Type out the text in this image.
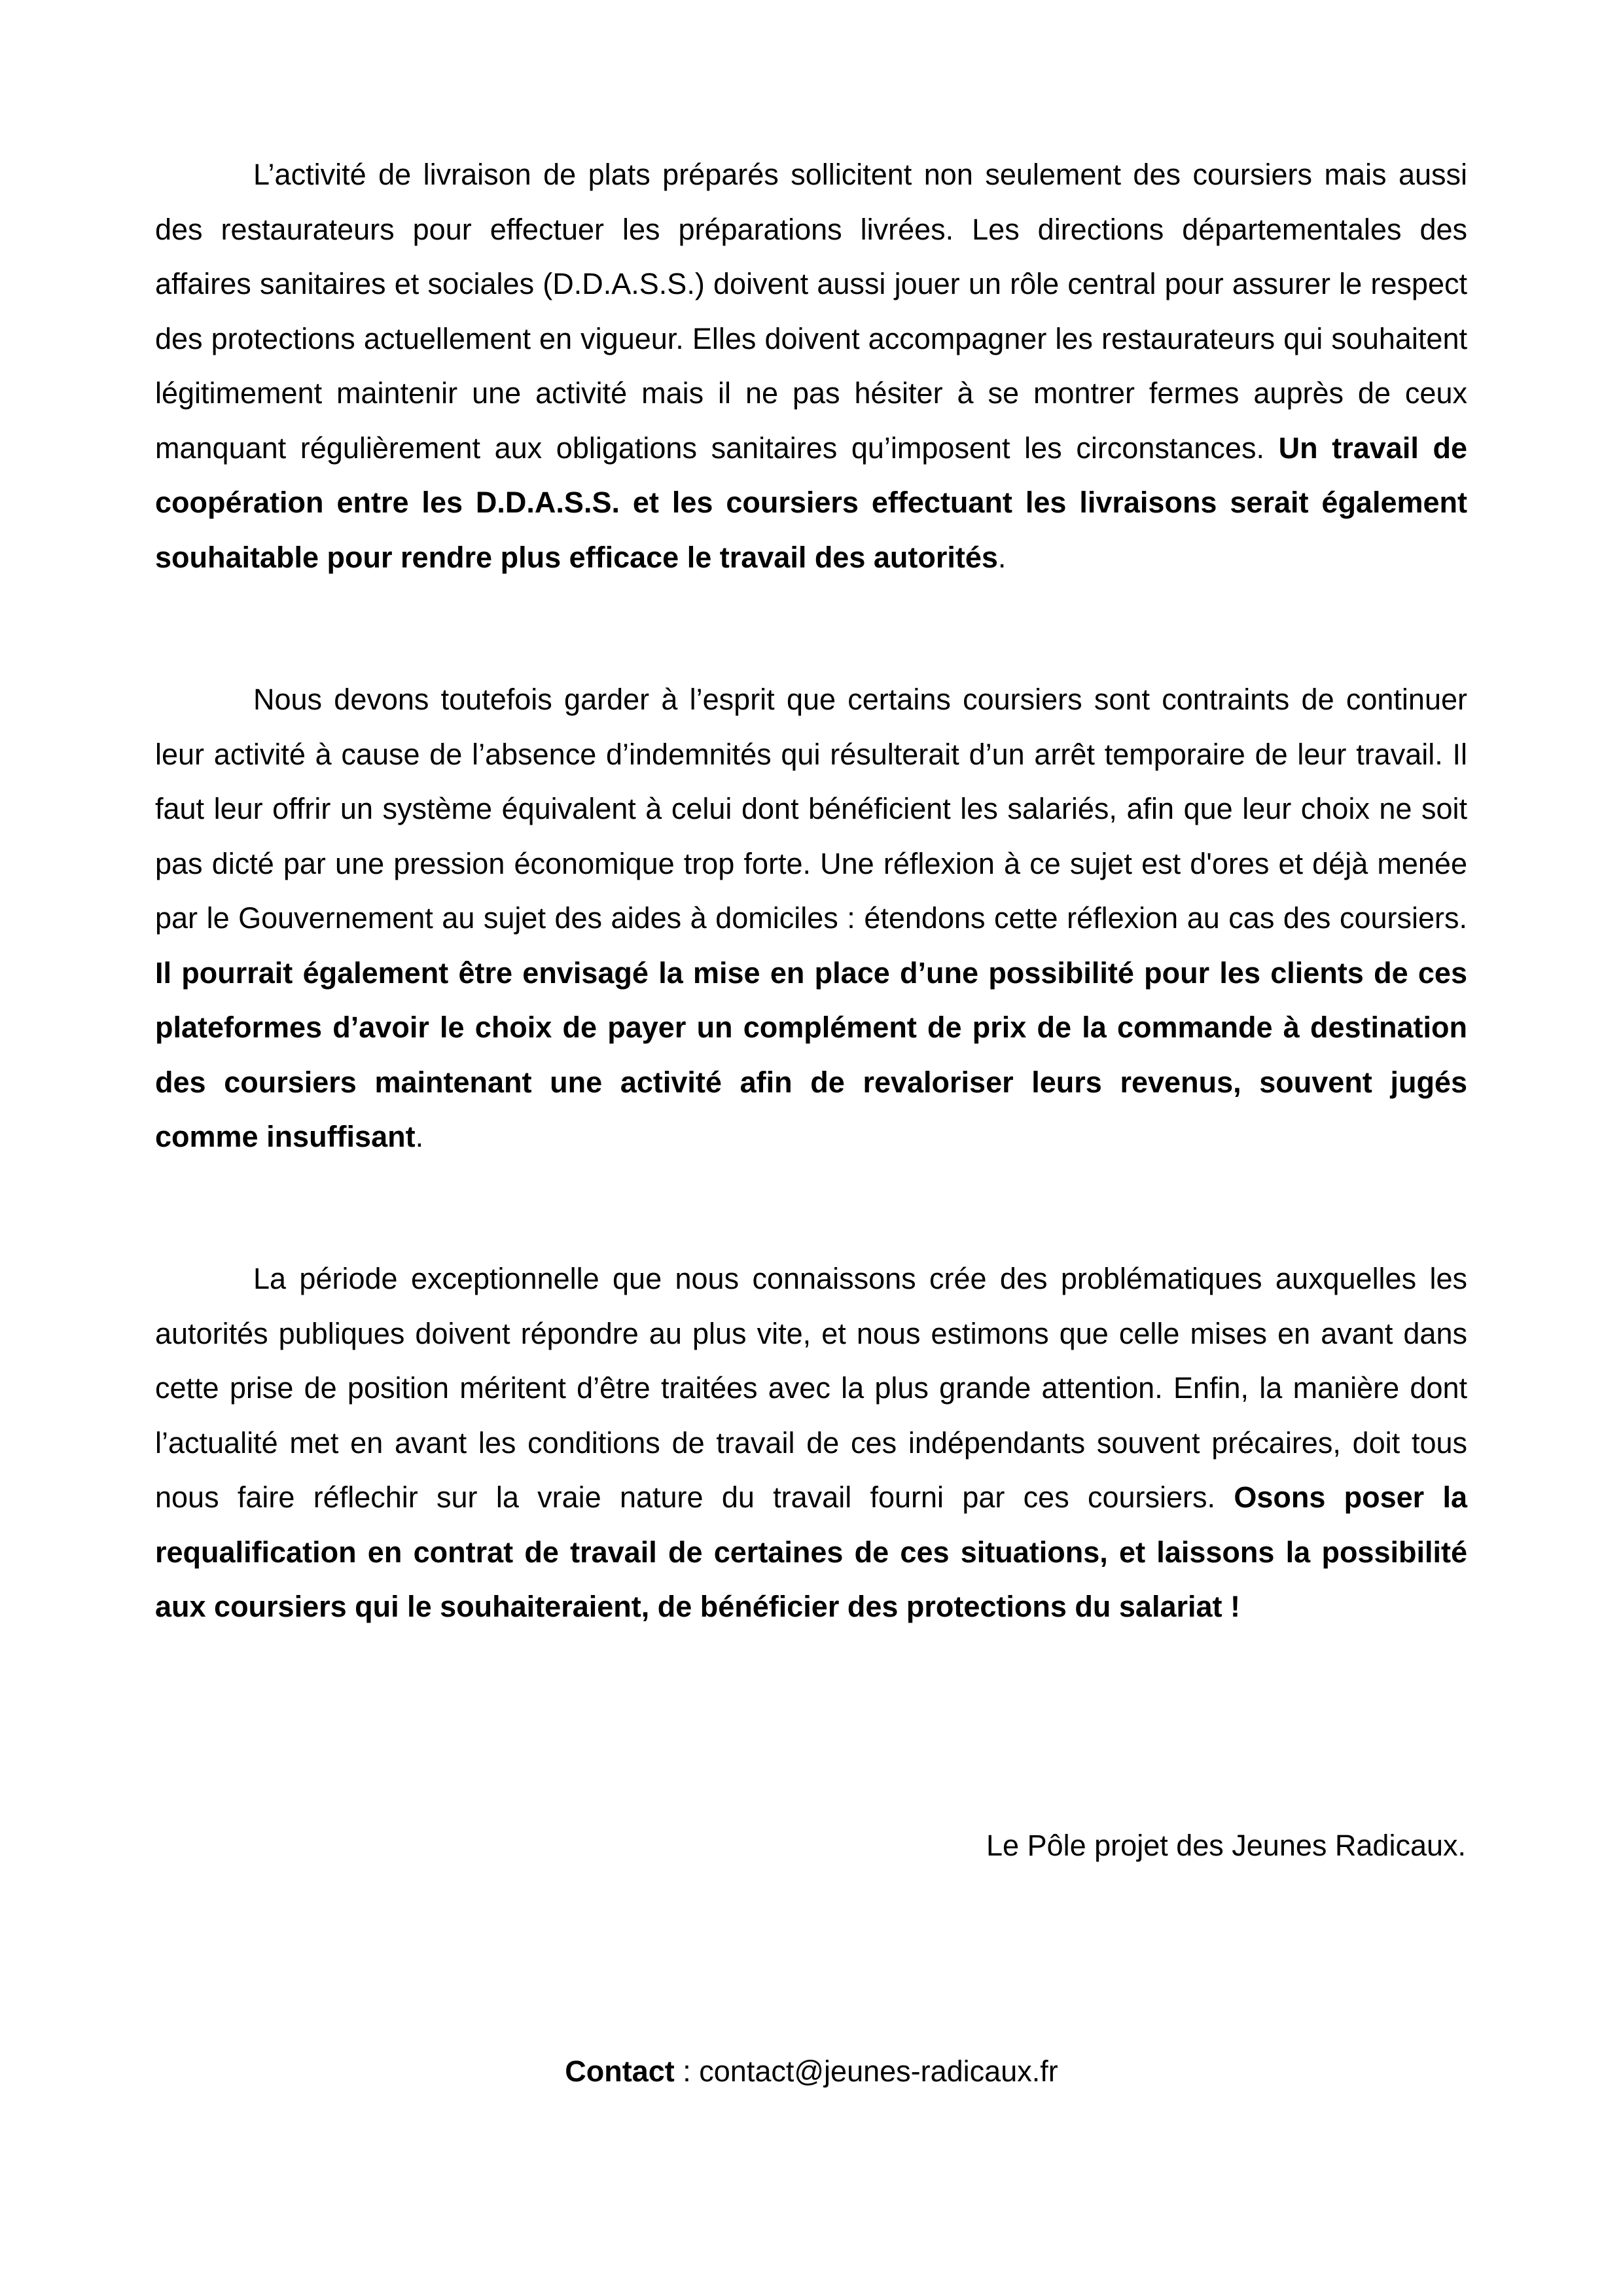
L’activité de livraison de plats préparés sollicitent non seulement des coursiers mais aussi des restaurateurs pour effectuer les préparations livrées. Les directions départementales des affaires sanitaires et sociales (D.D.A.S.S.) doivent aussi jouer un rôle central pour assurer le respect des protections actuellement en vigueur. Elles doivent accompagner les restaurateurs qui souhaitent légitimement maintenir une activité mais il ne pas hésiter à se montrer fermes auprès de ceux manquant régulièrement aux obligations sanitaires qu’imposent les circonstances. Un travail de coopération entre les D.D.A.S.S. et les coursiers effectuant les livraisons serait également souhaitable pour rendre plus efficace le travail des autorités.

Nous devons toutefois garder à l’esprit que certains coursiers sont contraints de continuer leur activité à cause de l’absence d’indemnités qui résulterait d’un arrêt temporaire de leur travail. Il faut leur offrir un système équivalent à celui dont bénéficient les salariés, afin que leur choix ne soit pas dicté par une pression économique trop forte. Une réflexion à ce sujet est d'ores et déjà menée par le Gouvernement au sujet des aides à domiciles : étendons cette réflexion au cas des coursiers. Il pourrait également être envisagé la mise en place d’une possibilité pour les clients de ces plateformes d’avoir le choix de payer un complément de prix de la commande à destination des coursiers maintenant une activité afin de revaloriser leurs revenus, souvent jugés comme insuffisant.

La période exceptionnelle que nous connaissons crée des problématiques auxquelles les autorités publiques doivent répondre au plus vite, et nous estimons que celle mises en avant dans cette prise de position méritent d’être traitées avec la plus grande attention. Enfin, la manière dont l’actualité met en avant les conditions de travail de ces indépendants souvent précaires, doit tous nous faire réflechir sur la vraie nature du travail fourni par ces coursiers. Osons poser la requalification en contrat de travail de certaines de ces situations, et laissons la possibilité aux coursiers qui le souhaiteraient, de bénéficier des protections du salariat !

Le Pôle projet des Jeunes Radicaux.

Contact : contact@jeunes-radicaux.fr
